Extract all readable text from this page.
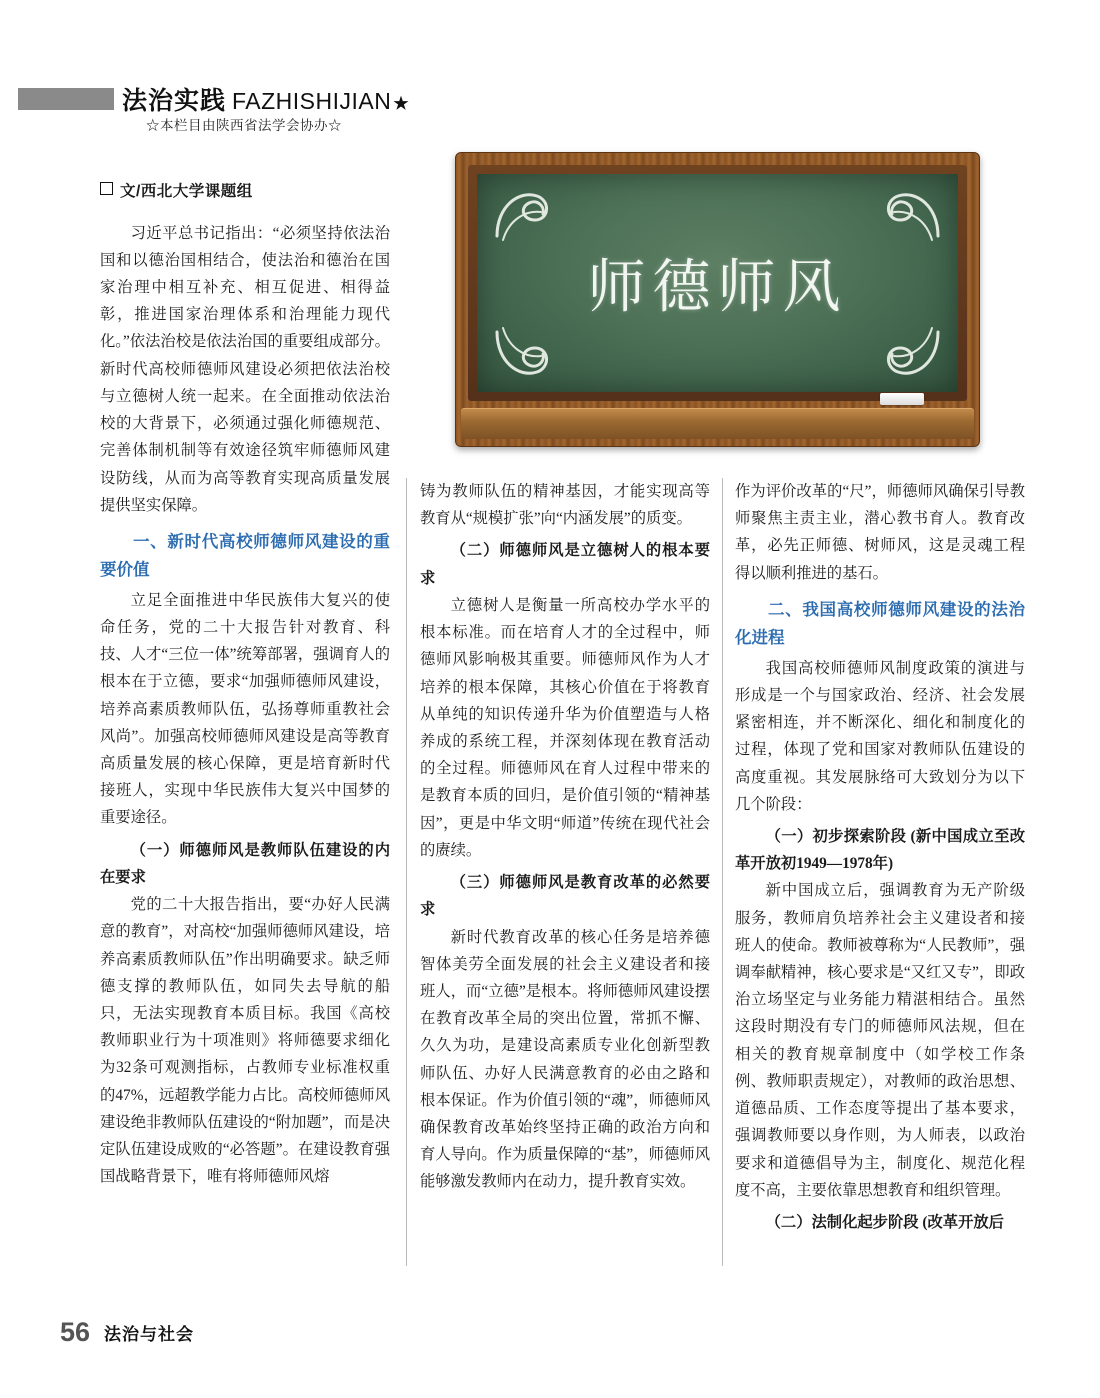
法治实践 FAZHISHIJIAN ★
☆本栏目由陕西省法学会协办☆
师德师风
文/西北大学课题组

习近平总书记指出：“必须坚持依法治国和以德治国相结合，使法治和德治在国家治理中相互补充、相互促进、相得益彰，推进国家治理体系和治理能力现代化。”依法治校是依法治国的重要组成部分。新时代高校师德师风建设必须把依法治校与立德树人统一起来。在全面推动依法治校的大背景下，必须通过强化师德规范、完善体制机制等有效途径筑牢师德师风建设防线，从而为高等教育实现高质量发展提供坚实保障。

一、新时代高校师德师风建设的重要价值

立足全面推进中华民族伟大复兴的使命任务，党的二十大报告针对教育、科技、人才“三位一体”统筹部署，强调育人的根本在于立德，要求“加强师德师风建设，培养高素质教师队伍，弘扬尊师重教社会风尚”。加强高校师德师风建设是高等教育高质量发展的核心保障，更是培育新时代接班人，实现中华民族伟大复兴中国梦的重要途径。

（一）师德师风是教师队伍建设的内在要求

党的二十大报告指出，要“办好人民满意的教育”，对高校“加强师德师风建设，培养高素质教师队伍”作出明确要求。缺乏师德支撑的教师队伍，如同失去导航的船只，无法实现教育本质目标。我国《高校教师职业行为十项准则》将师德要求细化为32条可观测指标，占教师专业标准权重的47%，远超教学能力占比。高校师德师风建设绝非教师队伍建设的“附加题”，而是决定队伍建设成败的“必答题”。在建设教育强国战略背景下，唯有将师德师风熔

铸为教师队伍的精神基因，才能实现高等教育从“规模扩张”向“内涵发展”的质变。

（二）师德师风是立德树人的根本要求

立德树人是衡量一所高校办学水平的根本标准。而在培育人才的全过程中，师德师风影响极其重要。师德师风作为人才培养的根本保障，其核心价值在于将教育从单纯的知识传递升华为价值塑造与人格养成的系统工程，并深刻体现在教育活动的全过程。师德师风在育人过程中带来的是教育本质的回归，是价值引领的“精神基因”，更是中华文明“师道”传统在现代社会的赓续。

（三）师德师风是教育改革的必然要求

新时代教育改革的核心任务是培养德智体美劳全面发展的社会主义建设者和接班人，而“立德”是根本。将师德师风建设摆在教育改革全局的突出位置，常抓不懈、久久为功，是建设高素质专业化创新型教师队伍、办好人民满意教育的必由之路和根本保证。作为价值引领的“魂”，师德师风确保教育改革始终坚持正确的政治方向和育人导向。作为质量保障的“基”，师德师风能够激发教师内在动力，提升教育实效。

作为评价改革的“尺”，师德师风确保引导教师聚焦主责主业，潜心教书育人。教育改革，必先正师德、树师风，这是灵魂工程得以顺利推进的基石。

二、我国高校师德师风建设的法治化进程

我国高校师德师风制度政策的演进与形成是一个与国家政治、经济、社会发展紧密相连，并不断深化、细化和制度化的过程，体现了党和国家对教师队伍建设的高度重视。其发展脉络可大致划分为以下几个阶段：

（一）初步探索阶段 (新中国成立至改革开放初1949—1978年)

新中国成立后，强调教育为无产阶级服务，教师肩负培养社会主义建设者和接班人的使命。教师被尊称为“人民教师”，强调奉献精神，核心要求是“又红又专”，即政治立场坚定与业务能力精湛相结合。虽然这段时期没有专门的师德师风法规，但在相关的教育规章制度中（如学校工作条例、教师职责规定），对教师的政治思想、道德品质、工作态度等提出了基本要求，强调教师要以身作则，为人师表，以政治要求和道德倡导为主，制度化、规范化程度不高，主要依靠思想教育和组织管理。

（二）法制化起步阶段 (改革开放后
56 法治与社会
